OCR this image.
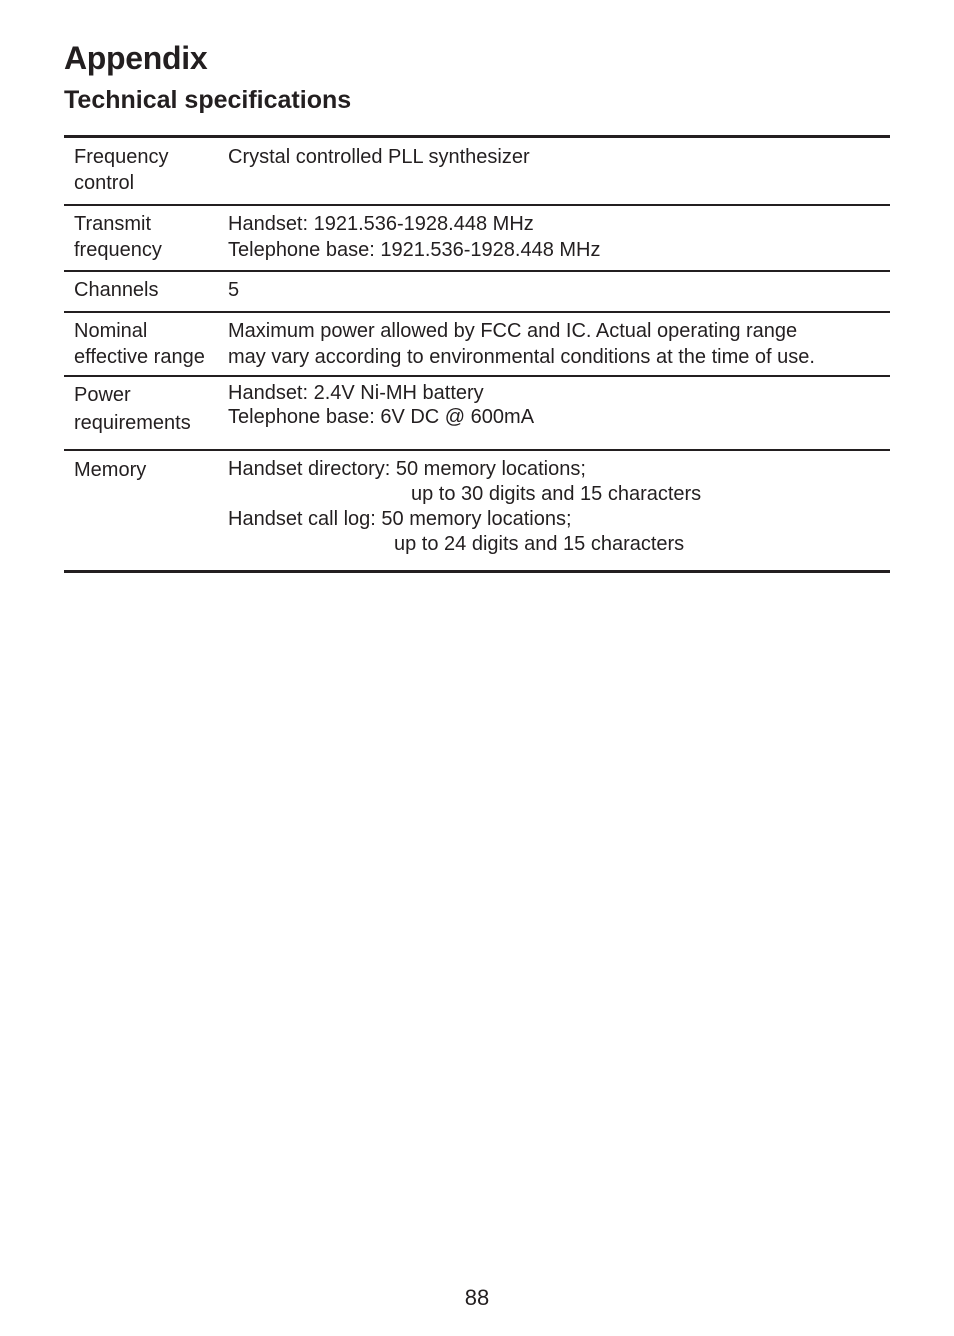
Appendix
Technical specifications
Frequency
control
Crystal controlled PLL synthesizer
Transmit
frequency
Handset: 1921.536-1928.448 MHz
Telephone base: 1921.536-1928.448 MHz
Channels	5
Nominal
effective range
Maximum power allowed by FCC and IC. Actual operating range
may vary according to environmental conditions at the time of use.
Power
requirements
Handset: 2.4V Ni-MH battery
Telephone base: 6V DC @ 600mA
Memory	Handset directory: 50 memory locations;
up to 30 digits and 15 characters
Handset call log: 50 memory locations;
up to 24 digits and 15 characters
88
